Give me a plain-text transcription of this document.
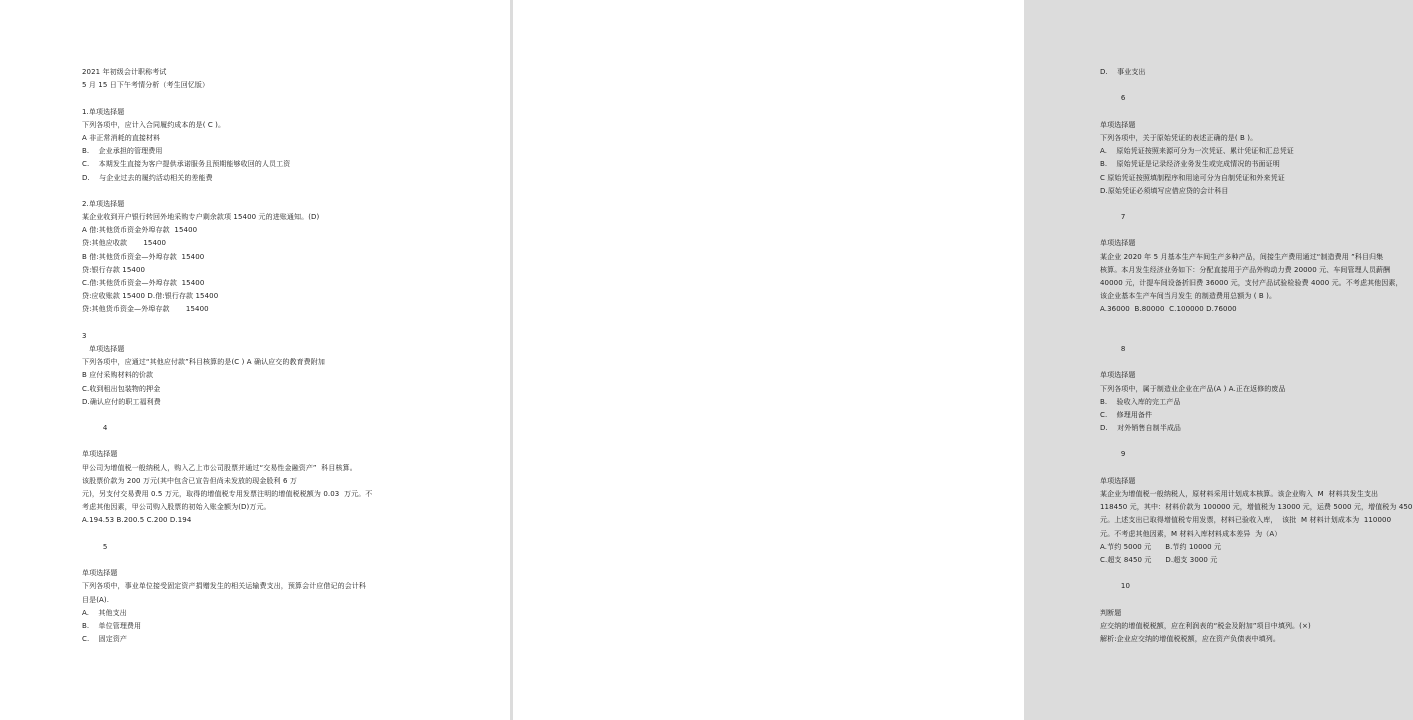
2021 年初级会计职称考试
5 月 15 日下午考情分析（考生回忆版）
1.单项选择题
下列各项中，应计入合同履约成本的是( C )。
A 非正常消耗的直接材料
B.    企业承担的管理费用
C.    本期发生直接为客户提供承诺服务且预期能够收回的人员工资
D.    与企业过去的履约活动相关的差能费
2.单项选择题
某企业收到开户银行转回外地采购专户剩余款项 15400 元的进账通知。(D)
A 借:其他货币资金外埠存款  15400
贷:其他应收款       15400
B 借:其他货币资金—外埠存款  15400
贷:银行存款 15400
C.借:其他货币资金—外埠存款  15400
贷:应收账款 15400 D.借:银行存款 15400
贷:其他货币资金—外埠存款       15400
3
单项选择题
下列各项中，应通过“其他应付款”科目核算的是(C ) A 确认应交的教育费附加
B 应付采购材料的价款
C.收到租出包装物的押金
D.确认应付的职工福利费
4
单项选择题
甲公司为增值税一般纳税人，购入乙上市公司股票并通过“交易性金融资产”  科目核算。
该股票价款为 200 万元(其中包含已宣告但尚未发放的现金股利 6 万
元)，另支付交易费用 0.5 万元，取得的增值税专用发票注明的增值税税额为 0.03  万元。不
考虑其他因素，甲公司购入股票的初始入账金额为(D)万元。
A.194.53 B.200.5 C.200 D.194
5
单项选择题
下列各项中，事业单位接受固定资产捐赠发生的相关运输费支出，预算会计应借记的会计科
目是(A).
A.    其他支出
B.    单位管理费用
C.    固定资产
D.    事业支出
6
单项选择题
下列各项中，关于原始凭证的表述正确的是( B )。
A.    原始凭证按照来源可分为一次凭证、累计凭证和汇总凭证
B.    原始凭证是记录经济业务发生或完成情况的书面证明
C 原始凭证按照填制程序和用途可分为自制凭证和外来凭证
D.原始凭证必须填写应借应贷的会计科目
7
单项选择题
某企业 2020 年 5 月基本生产车间生产多种产品，间接生产费用通过“制造费用 ”科目归集
核算。本月发生经济业务如下：分配直接用于产品外购动力费 20000 元、车间管理人员薪酬
40000 元，计提车间设备折旧费 36000 元，支付产品试验检验费 4000 元。不考虑其他因素，
该企业基本生产车间当月发生 的制造费用总额为 ( B )。
A.36000  B.80000  C.100000 D.76000
8
单项选择题
下列各项中，属于制造业企业在产品(A ) A.正在返修的废品
B.    验收入库的完工产品
C.    修理用备件
D.    对外销售自制半成品
9
单项选择题
某企业为增值税一般纳税人，原材料采用计划成本核算。该企业购入  M  材料共发生支出
118450 元，其中：材料价款为 100000 元，增值税为 13000 元，运费 5000 元，增值税为 450
元。上述支出已取得增值税专用发票，材料已验收入库，  该批  M 材料计划成本为  110000
元。不考虑其他因素，M 材料入库材料成本差异  为（A）
A.节约 5000 元      B.节约 10000 元
C.超支 8450 元      D.超支 3000 元
10
判断题
应交纳的增值税税额，应在利润表的“税金及附加”项目中填列。(×)
解析:企业应交纳的增值税税额，应在资产负债表中填列。
